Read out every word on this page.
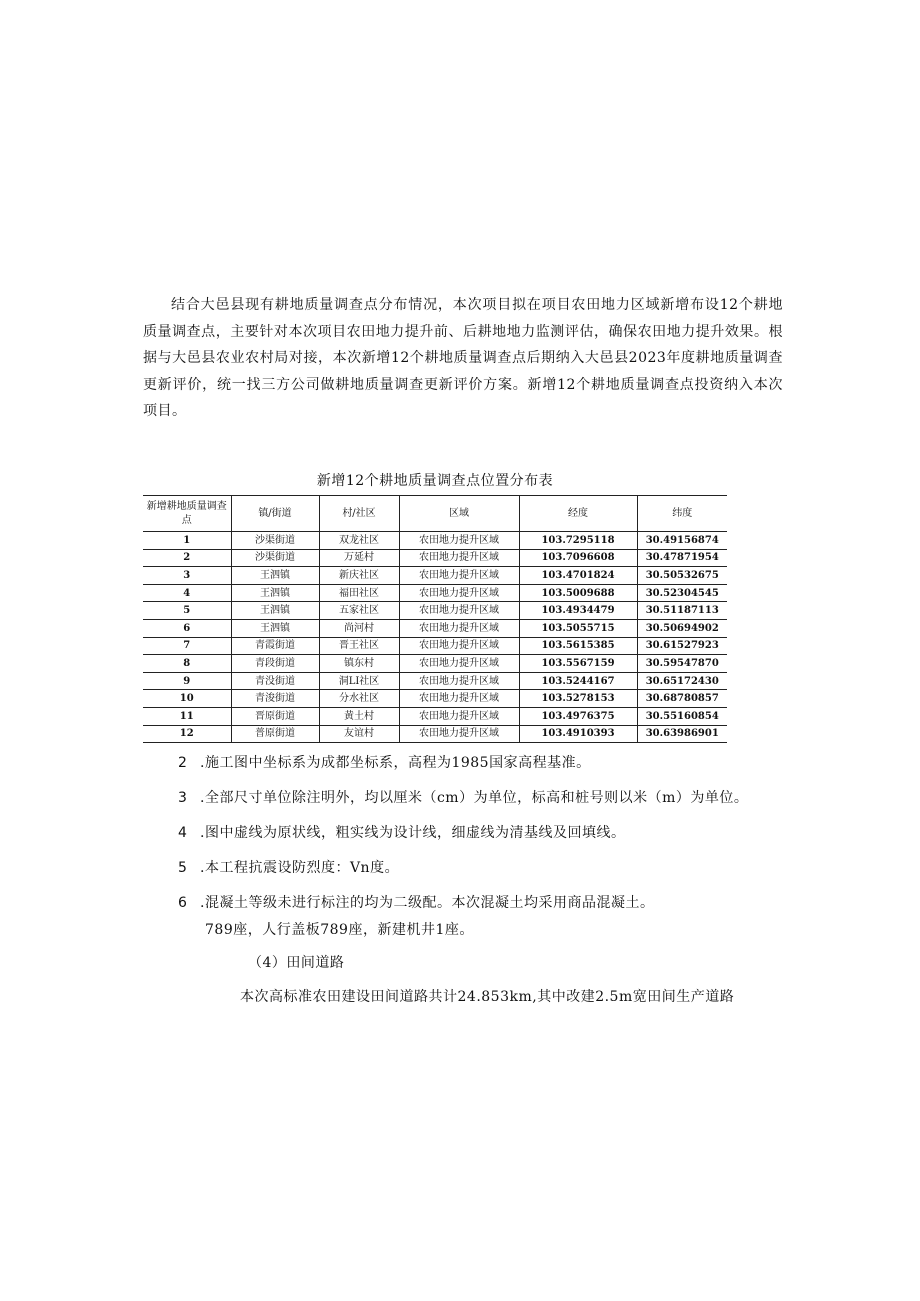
结合大邑县现有耕地质量调查点分布情况，本次项目拟在项目农田地力区域新增布设12个耕地质量调查点，主要针对本次项目农田地力提升前、后耕地地力监测评估，确保农田地力提升效果。根据与大邑县农业农村局对接，本次新增12个耕地质量调查点后期纳入大邑县2023年度耕地质量调查更新评价，统一找三方公司做耕地质量调查更新评价方案。新增12个耕地质量调查点投资纳入本次项目。

新增12个耕地质量调查点位置分布表
新增耕地质量调查点	镇/街道	村/社区	区域	经度	纬度
1	沙渠街道	双龙社区	农田地力提升区域	103.7295118	30.49156874
2	沙渠街道	万延村	农田地力提升区域	103.7096608	30.47871954
3	王泗镇	新庆社区	农田地力提升区域	103.4701824	30.50532675
4	王泗镇	福田社区	农田地力提升区域	103.5009688	30.52304545
5	王泗镇	五家社区	农田地力提升区域	103.4934479	30.51187113
6	王泗镇	尚河村	农田地力提升区域	103.5055715	30.50694902
7	青霞街道	晋王社区	农田地力提升区域	103.5615385	30.61527923
8	青段街道	镇东村	农田地力提升区域	103.5567159	30.59547870
9	青没街道	洞LI社区	农田地力提升区域	103.5244167	30.65172430
10	青浚街道	分水社区	农田地力提升区域	103.5278153	30.68780857
11	晋原街道	黄土村	农田地力提升区域	103.4976375	30.55160854
12	普原街道	友谊村	农田地力提升区域	103.4910393	30.63986901
2 .施工图中坐标系为成都坐标系，高程为1985国家高程基准。
3 .全部尺寸单位除注明外，均以厘米（cm）为单位，标高和桩号则以米（m）为单位。
4 .图中虚线为原状线，粗实线为设计线，细虚线为清基线及回填线。
5 .本工程抗震设防烈度：Vn度。
6 .混凝土等级未进行标注的均为二级配。本次混凝土均采用商品混凝土。
789座，人行盖板789座，新建机井1座。
（4）田间道路
本次高标准农田建设田间道路共计24.853km,其中改建2.5m宽田间生产道路
